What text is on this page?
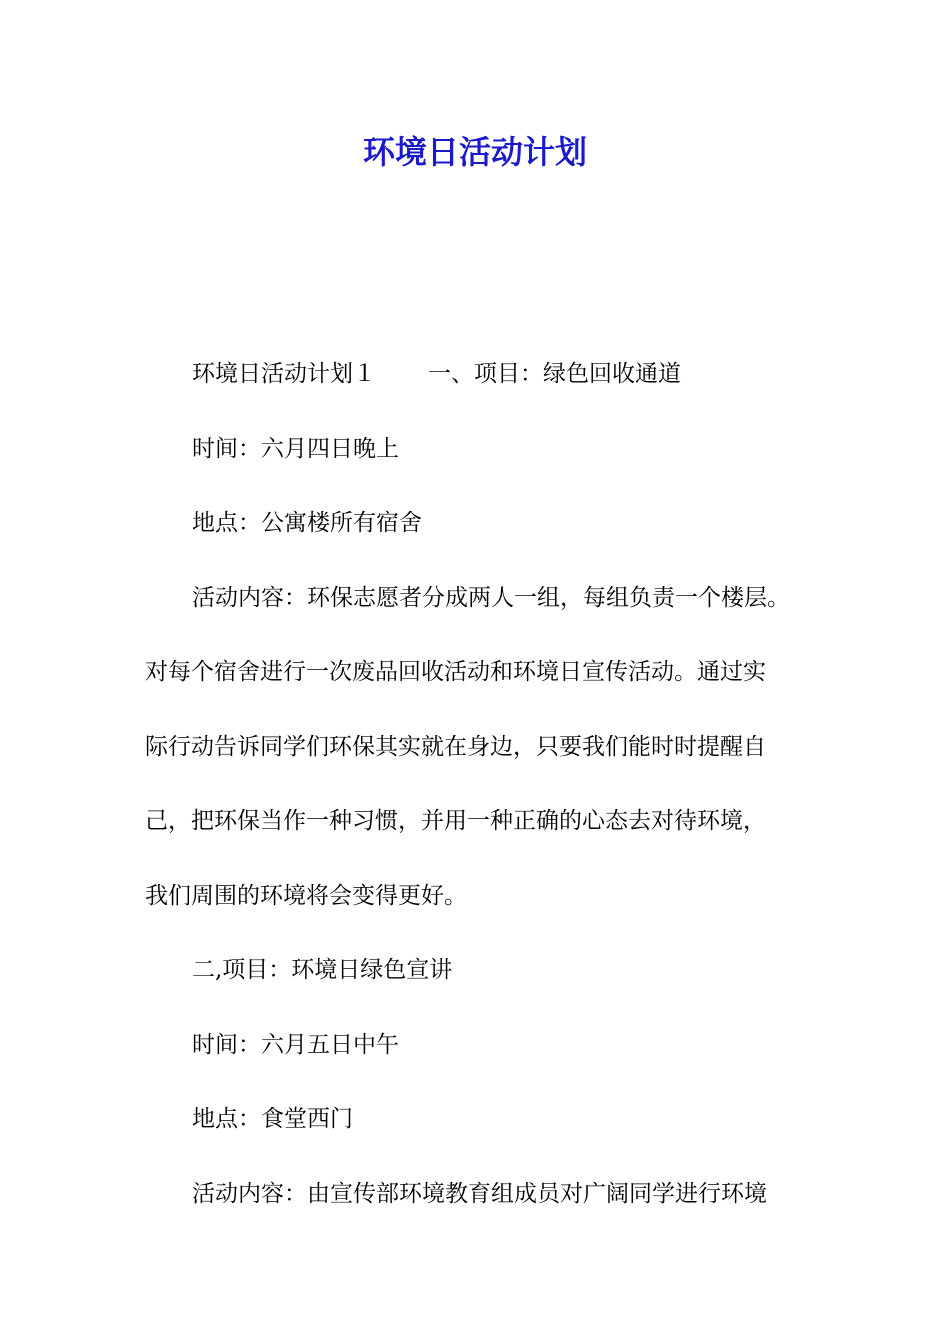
环境日活动计划

环境日活动计划１ 一、项目：绿色回收通道

时间：六月四日晚上

地点：公寓楼所有宿舍

活动内容：环保志愿者分成两人一组，每组负责一个楼层。

对每个宿舍进行一次废品回收活动和环境日宣传活动。通过实

际行动告诉同学们环保其实就在身边，只要我们能时时提醒自

己，把环保当作一种习惯，并用一种正确的心态去对待环境，

我们周围的环境将会变得更好。

二,项目：环境日绿色宣讲

时间：六月五日中午

地点：食堂西门

活动内容：由宣传部环境教育组成员对广阔同学进行环境
